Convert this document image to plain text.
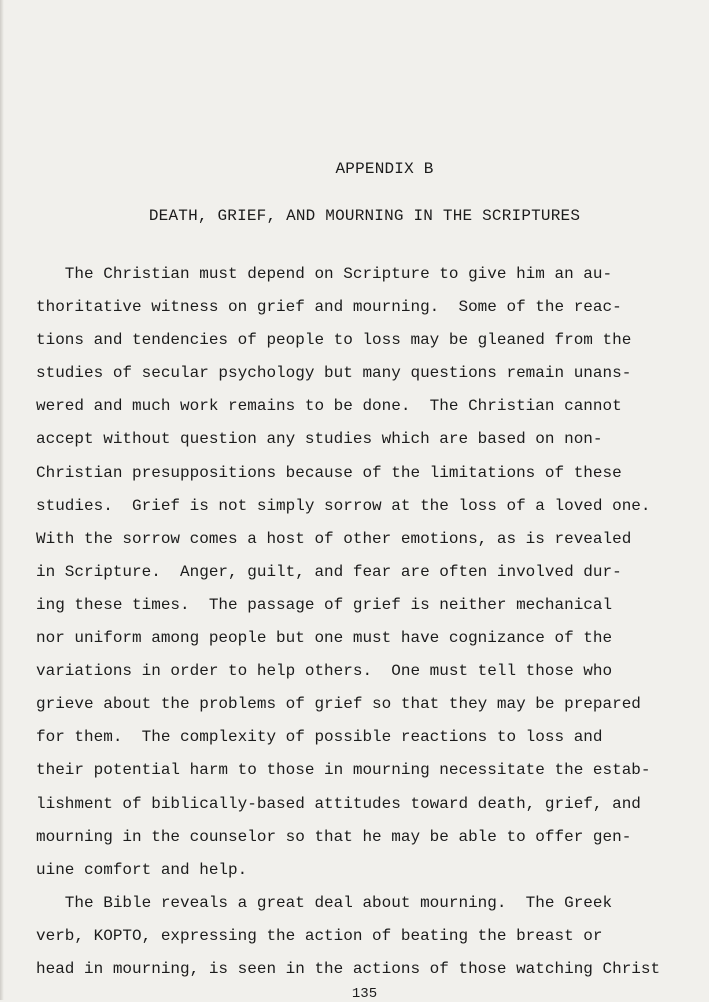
APPENDIX B
DEATH, GRIEF, AND MOURNING IN THE SCRIPTURES
The Christian must depend on Scripture to give him an au-
thoritative witness on grief and mourning.  Some of the reac-
tions and tendencies of people to loss may be gleaned from the
studies of secular psychology but many questions remain unans-
wered and much work remains to be done.  The Christian cannot
accept without question any studies which are based on non-
Christian presuppositions because of the limitations of these
studies.  Grief is not simply sorrow at the loss of a loved one.
With the sorrow comes a host of other emotions, as is revealed
in Scripture.  Anger, guilt, and fear are often involved dur-
ing these times.  The passage of grief is neither mechanical
nor uniform among people but one must have cognizance of the
variations in order to help others.  One must tell those who
grieve about the problems of grief so that they may be prepared
for them.  The complexity of possible reactions to loss and
their potential harm to those in mourning necessitate the estab-
lishment of biblically-based attitudes toward death, grief, and
mourning in the counselor so that he may be able to offer gen-
uine comfort and help.
The Bible reveals a great deal about mourning.  The Greek
verb, KOPTO, expressing the action of beating the breast or
head in mourning, is seen in the actions of those watching Christ
135
